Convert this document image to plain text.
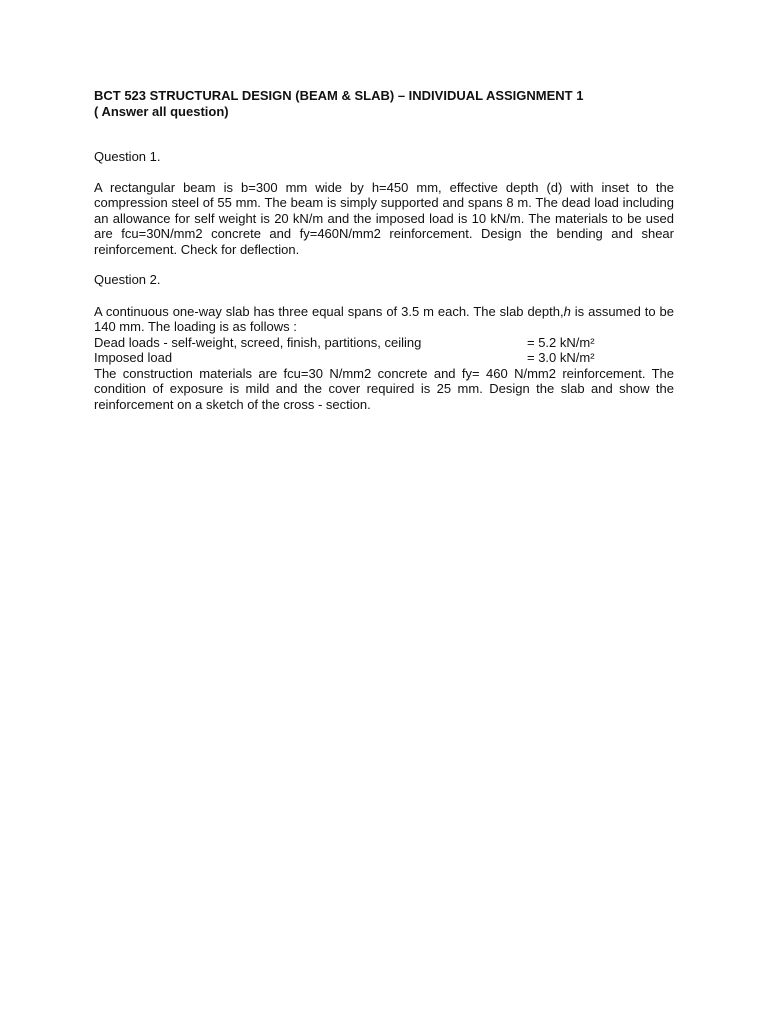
BCT 523 STRUCTURAL DESIGN (BEAM & SLAB) – INDIVIDUAL ASSIGNMENT 1

( Answer all question)

Question 1.

A rectangular beam is b=300 mm wide by h=450 mm, effective depth (d) with inset to the compression steel of 55 mm. The beam is simply supported and spans 8 m. The dead load including an allowance for self weight is 20 kN/m and the imposed load is 10 kN/m. The materials to be used are fcu=30N/mm2 concrete and fy=460N/mm2 reinforcement. Design the bending and shear reinforcement. Check for deflection.

Question 2.

A continuous one-way slab has three equal spans of 3.5 m each. The slab depth,h is assumed to be 140 mm. The loading is as follows :

Dead loads - self-weight, screed, finish, partitions, ceiling	= 5.2 kN/m²
Imposed load	= 3.0 kN/m²

The construction materials are fcu=30 N/mm2 concrete and fy= 460 N/mm2 reinforcement. The condition of exposure is mild and the cover required is 25 mm. Design the slab and show the reinforcement on a sketch of the cross - section.
